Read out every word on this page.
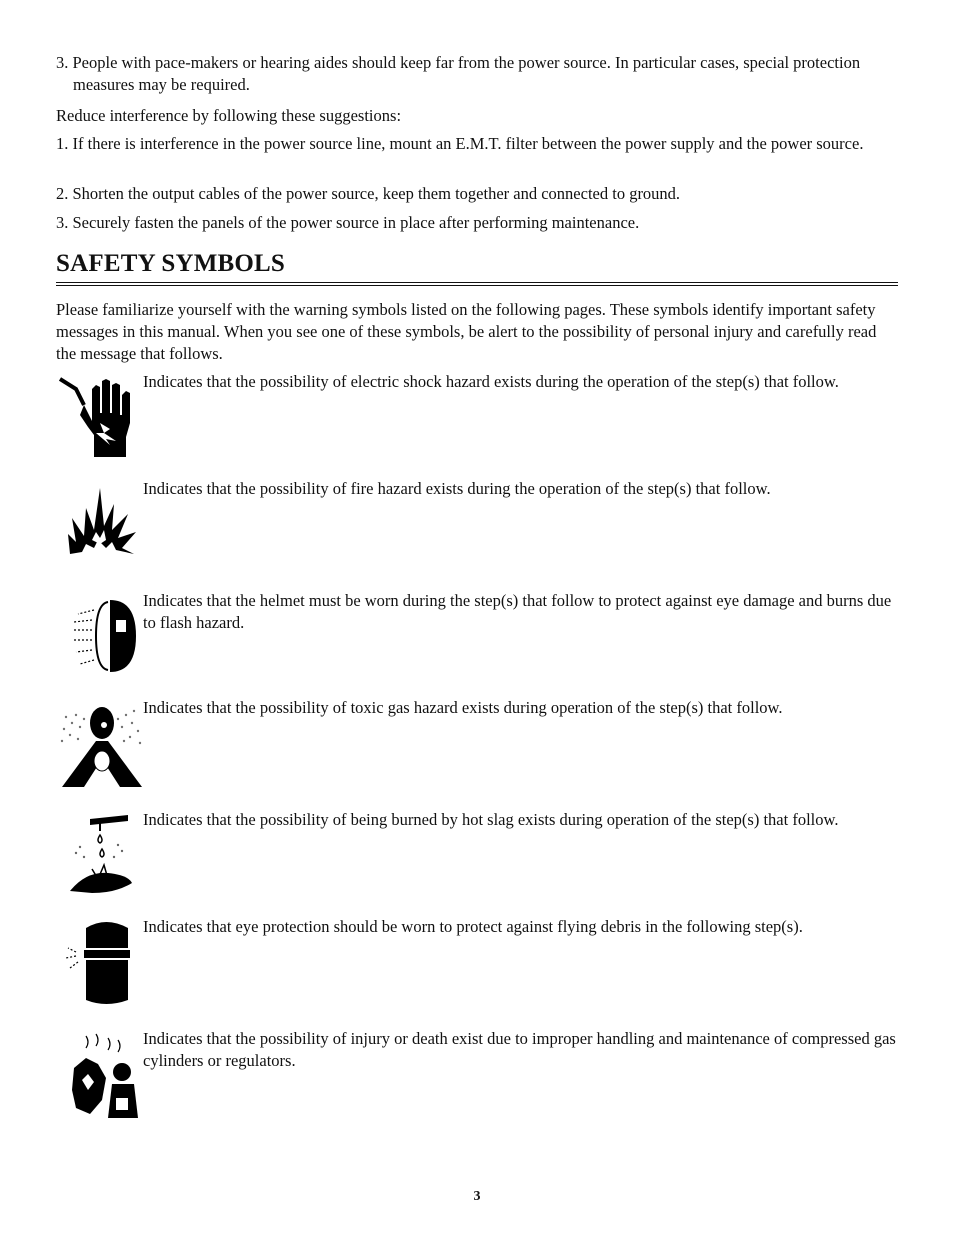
3. People with pace-makers or hearing aides should keep far from the power source. In particular cases, special protection measures may be required.

Reduce interference by following these suggestions:

1. If there is interference in the power source line, mount an E.M.T. filter between the power supply and the power source.

2. Shorten the output cables of the power source, keep them together and connected to ground.

3. Securely fasten the panels of the power source in place after performing maintenance.

SAFETY SYMBOLS

Please familiarize yourself with the warning symbols listed on the following pages. These symbols identify important safety messages in this manual. When you see one of these symbols, be alert to the possibility of personal injury and carefully read the message that follows.

Indicates that the possibility of electric shock hazard exists during the operation of the step(s) that follow.

Indicates that the possibility of fire hazard exists during the operation of the step(s) that follow.

Indicates that the helmet must be worn during the step(s) that follow to protect against eye damage and burns due to flash hazard.

Indicates that the possibility of toxic gas hazard exists during operation of the step(s) that follow.

Indicates that the possibility of being burned by hot slag exists during operation of the step(s) that follow.

Indicates that eye protection should be worn to protect against flying debris in the following step(s).

Indicates that the possibility of injury or death exist due to improper handling and maintenance of compressed gas cylinders or regulators.

3
